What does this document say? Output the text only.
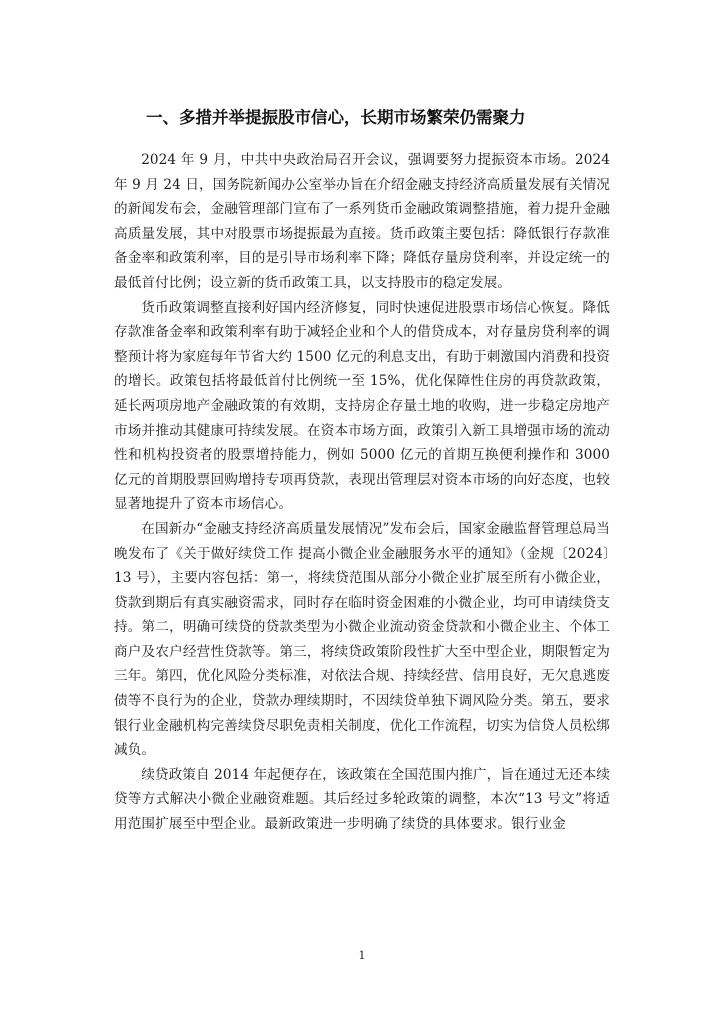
一、多措并举提振股市信心，长期市场繁荣仍需聚力

2024 年 9 月，中共中央政治局召开会议，强调要努力提振资本市场。2024 年 9 月 24 日，国务院新闻办公室举办旨在介绍金融支持经济高质量发展有关情况的新闻发布会，金融管理部门宣布了一系列货币金融政策调整措施，着力提升金融高质量发展，其中对股票市场提振最为直接。货币政策主要包括：降低银行存款准备金率和政策利率，目的是引导市场利率下降；降低存量房贷利率，并设定统一的最低首付比例；设立新的货币政策工具，以支持股市的稳定发展。

货币政策调整直接利好国内经济修复，同时快速促进股票市场信心恢复。降低存款准备金率和政策利率有助于减轻企业和个人的借贷成本，对存量房贷利率的调整预计将为家庭每年节省大约 1500 亿元的利息支出，有助于刺激国内消费和投资的增长。政策包括将最低首付比例统一至 15%，优化保障性住房的再贷款政策，延长两项房地产金融政策的有效期，支持房企存量土地的收购，进一步稳定房地产市场并推动其健康可持续发展。在资本市场方面，政策引入新工具增强市场的流动性和机构投资者的股票增持能力，例如 5000 亿元的首期互换便利操作和 3000 亿元的首期股票回购增持专项再贷款，表现出管理层对资本市场的向好态度，也较显著地提升了资本市场信心。

在国新办“金融支持经济高质量发展情况”发布会后，国家金融监督管理总局当晚发布了《关于做好续贷工作 提高小微企业金融服务水平的通知》（金规〔2024〕13 号），主要内容包括：第一，将续贷范围从部分小微企业扩展至所有小微企业，贷款到期后有真实融资需求，同时存在临时资金困难的小微企业，均可申请续贷支持。第二，明确可续贷的贷款类型为小微企业流动资金贷款和小微企业主、个体工商户及农户经营性贷款等。第三，将续贷政策阶段性扩大至中型企业，期限暂定为三年。第四，优化风险分类标准，对依法合规、持续经营、信用良好，无欠息逃废债等不良行为的企业，贷款办理续期时，不因续贷单独下调风险分类。第五，要求银行业金融机构完善续贷尽职免责相关制度，优化工作流程，切实为信贷人员松绑减负。

续贷政策自 2014 年起便存在，该政策在全国范围内推广，旨在通过无还本续贷等方式解决小微企业融资难题。其后经过多轮政策的调整，本次“13 号文”将适用范围扩展至中型企业。最新政策进一步明确了续贷的具体要求。银行业金

1
